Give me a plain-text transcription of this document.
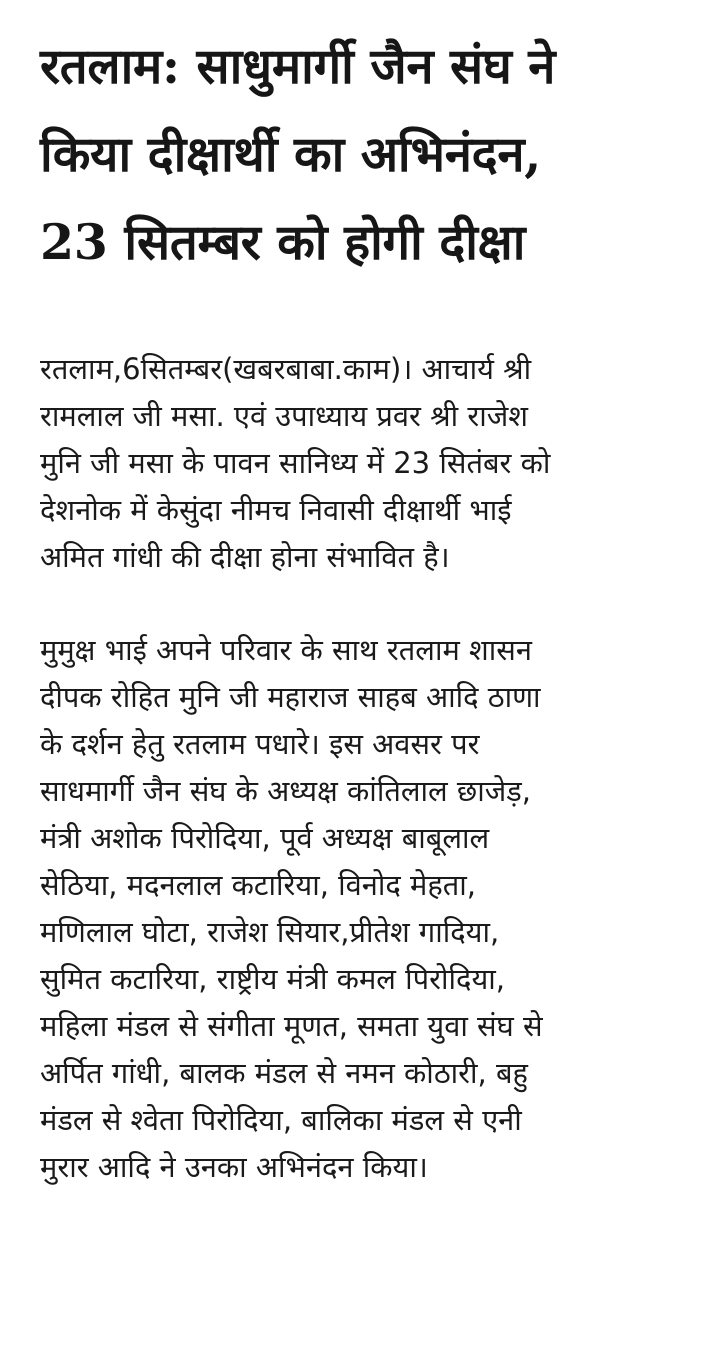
रतलाम: साधुमार्गी जैन संघ ने
किया दीक्षार्थी का अभिनंदन,
23 सितम्बर को होगी दीक्षा

रतलाम,6सितम्बर(खबरबाबा.काम)। आचार्य श्री
रामलाल जी मसा. एवं उपाध्याय प्रवर श्री राजेश
मुनि जी मसा के पावन सानिध्य में 23 सितंबर को
देशनोक में केसुंदा नीमच निवासी दीक्षार्थी भाई
अमित गांधी की दीक्षा होना संभावित है।

मुमुक्ष भाई अपने परिवार के साथ रतलाम शासन
दीपक रोहित मुनि जी महाराज साहब आदि ठाणा
के दर्शन हेतु रतलाम पधारे। इस अवसर पर
साधमार्गी जैन संघ के अध्यक्ष कांतिलाल छाजेड़,
मंत्री अशोक पिरोदिया, पूर्व अध्यक्ष बाबूलाल
सेठिया, मदनलाल कटारिया, विनोद मेहता,
मणिलाल घोटा, राजेश सियार,प्रीतेश गादिया,
सुमित कटारिया, राष्ट्रीय मंत्री कमल पिरोदिया,
महिला मंडल से संगीता मूणत, समता युवा संघ से
अर्पित गांधी, बालक मंडल से नमन कोठारी, बहु
मंडल से श्वेता पिरोदिया, बालिका मंडल से एनी
मुरार आदि ने उनका अभिनंदन किया।
